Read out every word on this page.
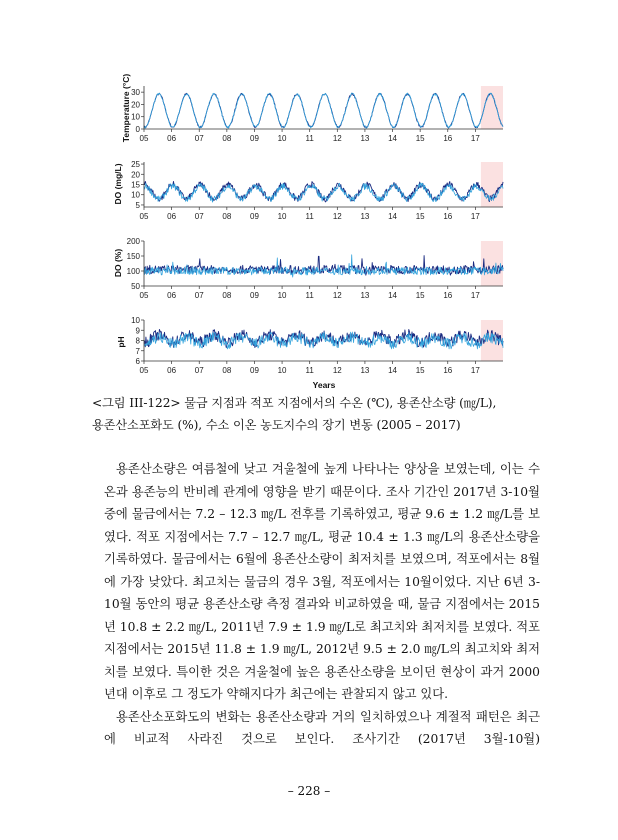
Temperature (°C) 0
10
20
30
05 06 07 08 09 10 11 12 13 14 15 16 17
DO (mg/L)
5
10
15
20
25
05 06 07 08 09 10 11 12 13 14 15 16 17
DO (%)
50
100
150
200
05 06 07 08 09 10 11 12 13 14 15 16 17
pH
Years
6
7
8
9
10
05 06 07 08 09 10 11 12 13 14 15 16 17
<그림 III-122> 물금 지점과 적포 지점에서의 수온 (℃), 용존산소량 (㎎/L),
용존산소포화도 (%), 수소 이온 농도지수의 장기 변동 (2005 – 2017)

용존산소량은 여름철에 낮고 겨울철에 높게 나타나는 양상을 보였는데, 이는 수온과 용존능의 반비례 관계에 영향을 받기 때문이다. 조사 기간인 2017년 3-10월 중에 물금에서는 7.2 – 12.3 ㎎/L 전후를 기록하였고, 평균 9.6 ± 1.2 ㎎/L를 보였다. 적포 지점에서는 7.7 – 12.7 ㎎/L, 평균 10.4 ± 1.3 ㎎/L의 용존산소량을 기록하였다. 물금에서는 6월에 용존산소량이 최저치를 보였으며, 적포에서는 8월에 가장 낮았다. 최고치는 물금의 경우 3월, 적포에서는 10월이었다. 지난 6년 3-10월 동안의 평균 용존산소량 측정 결과와 비교하였을 때, 물금 지점에서는 2015년 10.8 ± 2.2 ㎎/L, 2011년 7.9 ± 1.9 ㎎/L로 최고치와 최저치를 보였다. 적포 지점에서는 2015년 11.8 ± 1.9 ㎎/L, 2012년 9.5 ± 2.0 ㎎/L의 최고치와 최저치를 보였다. 특이한 것은 겨울철에 높은 용존산소량을 보이던 현상이 과거 2000년대 이후로 그 정도가 약해지다가 최근에는 관찰되지 않고 있다.

용존산소포화도의 변화는 용존산소량과 거의 일치하였으나 계절적 패턴은 최근에 비교적 사라진 것으로 보인다. 조사기간 (2017년 3월-10월)

– 228 –
